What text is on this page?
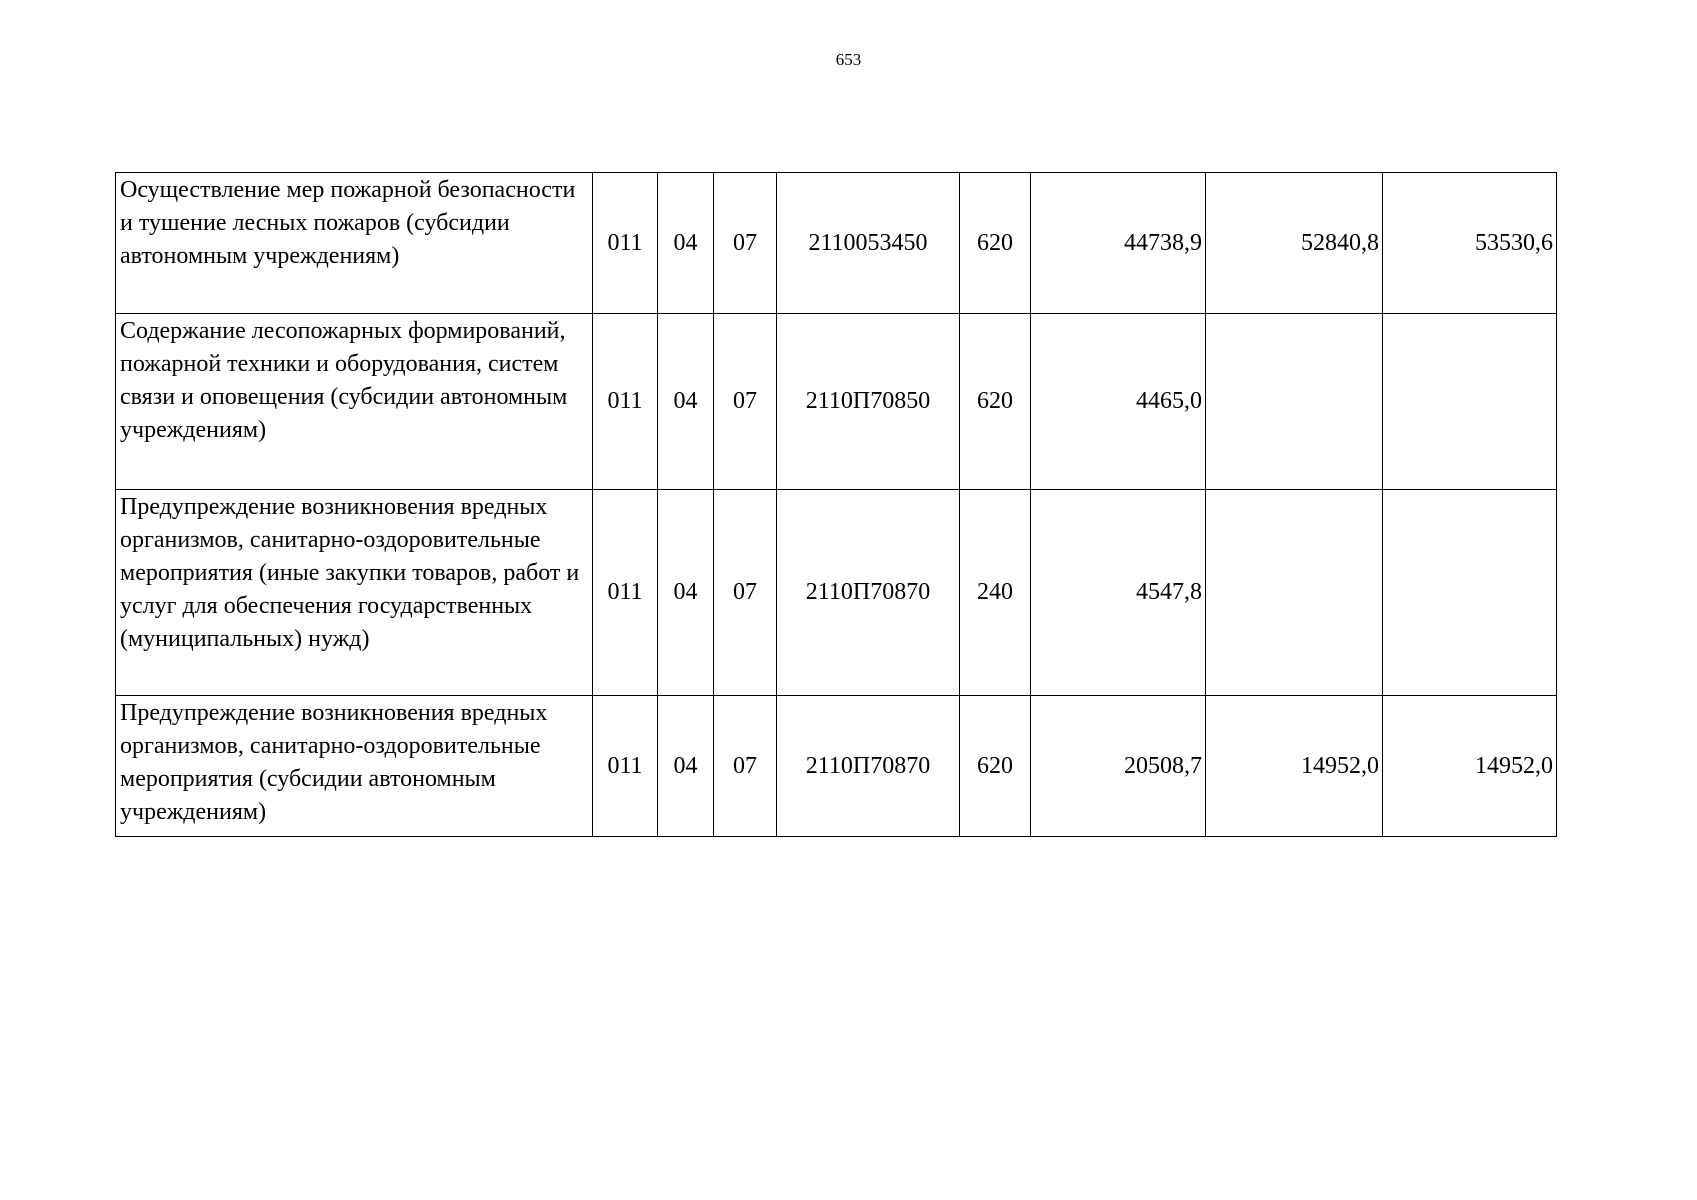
653
Осуществление мер пожарной безопасности и тушение лесных пожаров (субсидии автономным учреждениям)	011	04	07	2110053450	620	44738,9	52840,8	53530,6
Содержание лесопожарных формирований, пожарной техники и оборудования, систем связи и оповещения (субсидии автономным учреждениям)	011	04	07	2110П70850	620	4465,0		
Предупреждение возникновения вредных организмов, санитарно-оздоровительные мероприятия (иные закупки товаров, работ и услуг для обеспечения государственных (муниципальных) нужд)	011	04	07	2110П70870	240	4547,8		
Предупреждение возникновения вредных организмов, санитарно-оздоровительные мероприятия (субсидии автономным учреждениям)	011	04	07	2110П70870	620	20508,7	14952,0	14952,0
